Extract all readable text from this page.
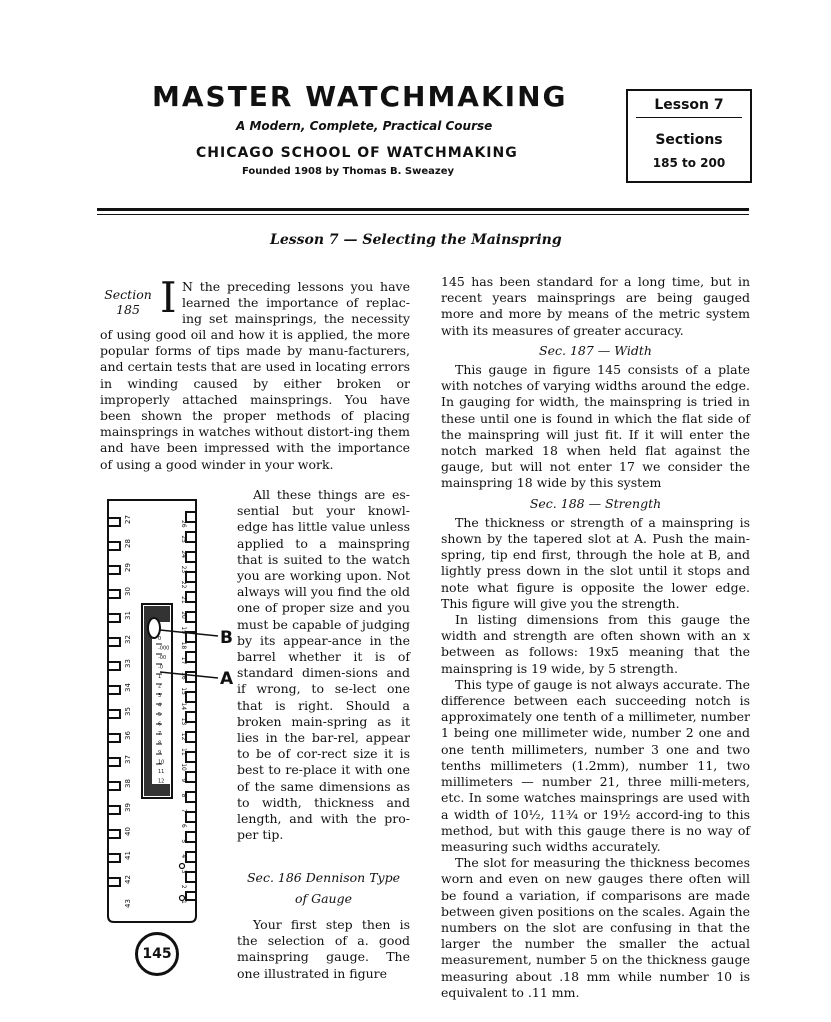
MASTER WATCHMAKING
A Modern, Complete, Practical Course
CHICAGO SCHOOL OF WATCHMAKING
Founded 1908 by Thomas B. Sweazey
Lesson 7
Sections
185 to 200
Lesson 7 — Selecting the Mainspring
Section
185 I N the preceding lessons you have

learned the importance of replac-

ing set mainsprings, the necessity

of using good oil and how it is applied, the more popular forms of tips made by manu-facturers, and certain tests that are used in locating errors in winding caused by either broken or improperly attached mainsprings. You have been shown the proper methods of placing mainsprings in watches without distort-ing them and have been impressed with the importance of using a good winder in your work.

B
A
27
28
29
30
31
32
33
34
35
36
37
38
39
40
41
42
43
26
25
24
23
22
21
20
19
18
17
16
15
14
13
12
11
10
9
8
7
6
5
4
3
2
1
0
-000
-00
-0
1
2
3
4
5
6
7
8
9
10
11
12
145

All these things are es-sential but your knowl-edge has little value unless applied to a mainspring that is suited to the watch you are working upon. Not always will you find the old one of proper size and you must be capable of judging by its appear-ance in the barrel whether it is of standard dimen-sions and if wrong, to se-lect one that is right. Should a broken main-spring as it lies in the bar-rel, appear to be of cor-rect size it is best to re-place it with one of the same dimensions as to width, thickness and length, and with the pro-per tip.

Sec. 186 Dennison Type

of Gauge

Your first step then is the selection of a. good mainspring gauge. The one illustrated in figure

145 has been standard for a long time, but in recent years mainsprings are being gauged more and more by means of the metric system with its measures of greater accuracy.

Sec. 187 — Width

This gauge in figure 145 consists of a plate with notches of varying widths around the edge. In gauging for width, the mainspring is tried in these until one is found in which the flat side of the mainspring will just fit. If it will enter the notch marked 18 when held flat against the gauge, but will not enter 17 we consider the mainspring 18 wide by this system

Sec. 188 — Strength

The thickness or strength of a mainspring is shown by the tapered slot at A. Push the main-spring, tip end first, through the hole at B, and lightly press down in the slot until it stops and note what figure is opposite the lower edge. This figure will give you the strength.

In listing dimensions from this gauge the width and strength are often shown with an x between as follows: 19x5 meaning that the mainspring is 19 wide, by 5 strength.

This type of gauge is not always accurate. The difference between each succeeding notch is approximately one tenth of a millimeter, number 1 being one millimeter wide, number 2 one and one tenth millimeters, number 3 one and two tenths millimeters (1.2mm), number 11, two millimeters — number 21, three milli-meters, etc. In some watches mainsprings are used with a width of 10½, 11¾ or 19½ accord-ing to this method, but with this gauge there is no way of measuring such widths accurately.

The slot for measuring the thickness becomes worn and even on new gauges there often will be found a variation, if comparisons are made between given positions on the scales. Again the numbers on the slot are confusing in that the larger the number the smaller the actual measurement, number 5 on the thickness gauge measuring about .18 mm while number 10 is equivalent to .11 mm.
